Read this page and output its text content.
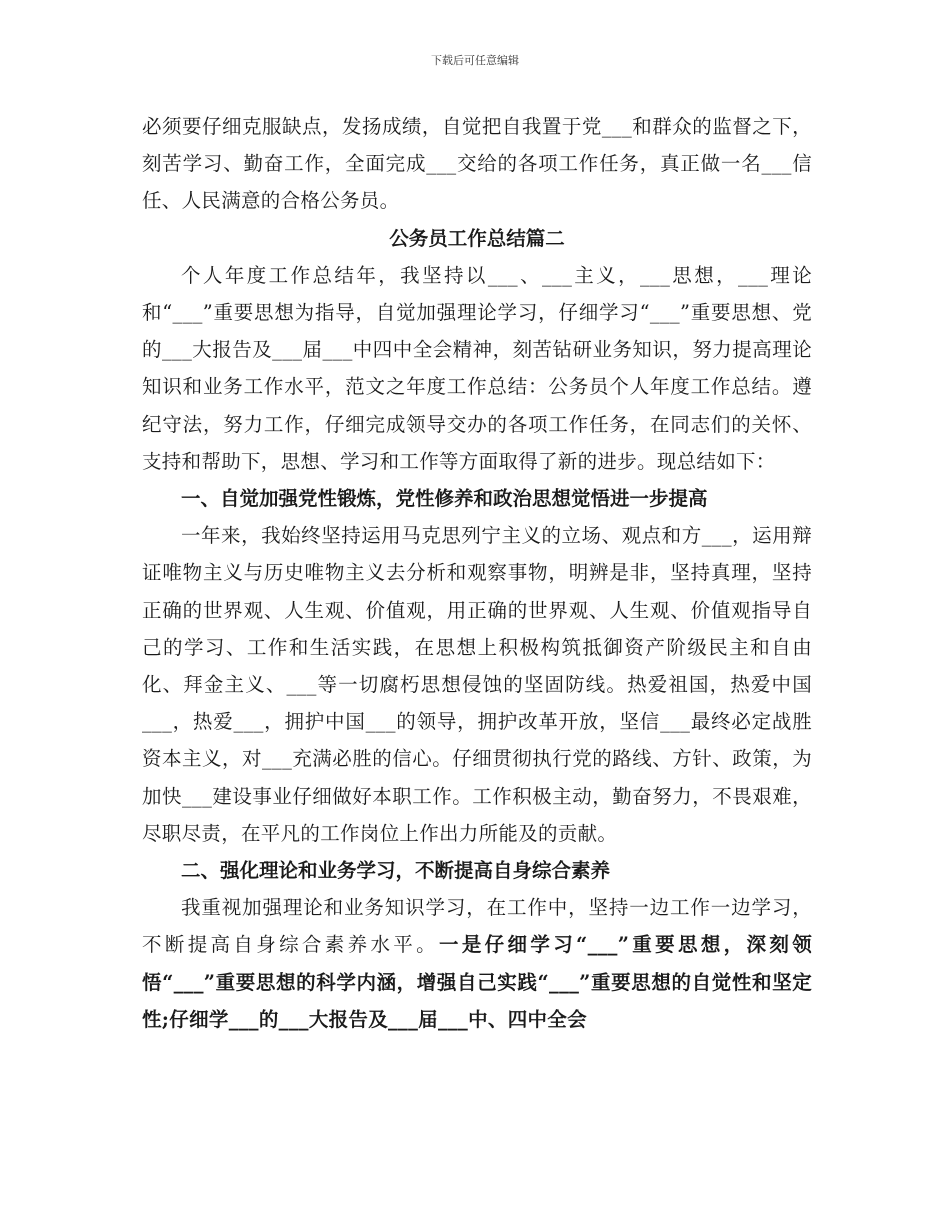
下载后可任意编辑

必须要仔细克服缺点，发扬成绩，自觉把自我置于党___和群众的监督之下，刻苦学习、勤奋工作，全面完成___交给的各项工作任务，真正做一名___信任、人民满意的合格公务员。

公务员工作总结篇二

个人年度工作总结年，我坚持以___、___主义，___思想，___理论和“___”重要思想为指导，自觉加强理论学习，仔细学习“___”重要思想、党的___大报告及___届___中四中全会精神，刻苦钻研业务知识，努力提高理论知识和业务工作水平，范文之年度工作总结：公务员个人年度工作总结。遵纪守法，努力工作，仔细完成领导交办的各项工作任务，在同志们的关怀、支持和帮助下，思想、学习和工作等方面取得了新的进步。现总结如下：

一、自觉加强党性锻炼，党性修养和政治思想觉悟进一步提高

一年来，我始终坚持运用马克思列宁主义的立场、观点和方___，运用辩证唯物主义与历史唯物主义去分析和观察事物，明辨是非，坚持真理，坚持正确的世界观、人生观、价值观，用正确的世界观、人生观、价值观指导自己的学习、工作和生活实践，在思想上积极构筑抵御资产阶级民主和自由化、拜金主义、___等一切腐朽思想侵蚀的坚固防线。热爱祖国，热爱中国___，热爱___，拥护中国___的领导，拥护改革开放，坚信___最终必定战胜资本主义，对___充满必胜的信心。仔细贯彻执行党的路线、方针、政策，为加快___建设事业仔细做好本职工作。工作积极主动，勤奋努力，不畏艰难，尽职尽责，在平凡的工作岗位上作出力所能及的贡献。

二、强化理论和业务学习，不断提高自身综合素养

我重视加强理论和业务知识学习，在工作中，坚持一边工作一边学习，不断提高自身综合素养水平。一是仔细学习“___”重要思想，深刻领悟“___”重要思想的科学内涵，增强自己实践“___”重要思想的自觉性和坚定性;仔细学___的___大报告及___届___中、四中全会
